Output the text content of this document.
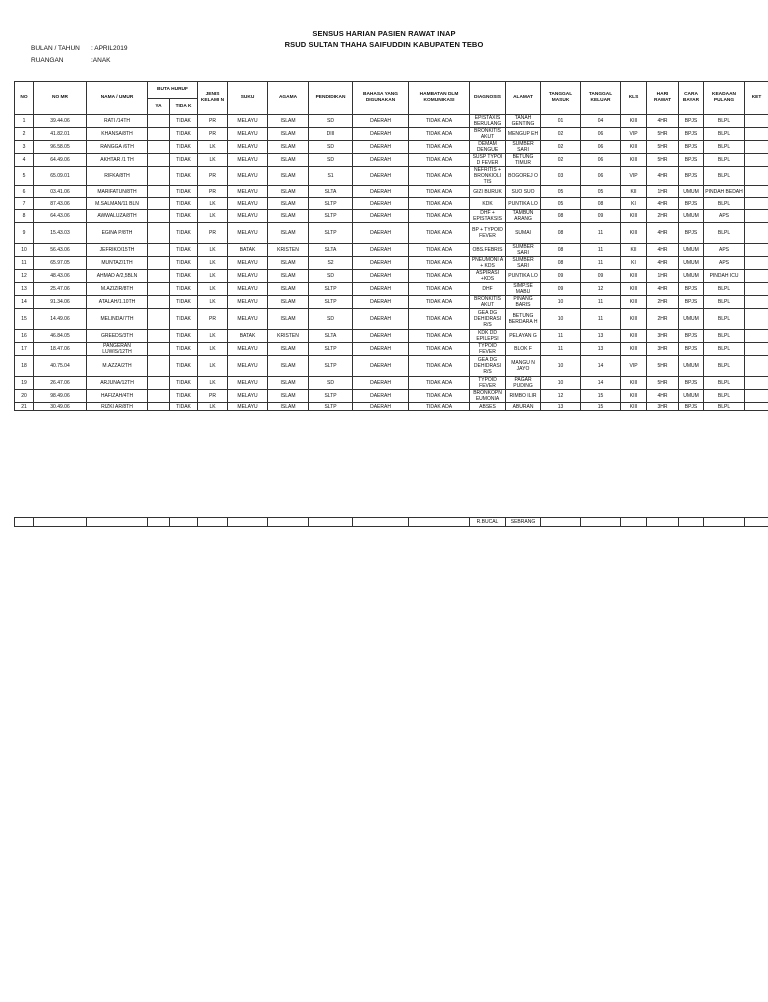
SENSUS HARIAN PASIEN RAWAT INAP
RSUD SULTAN THAHA SAIFUDDIN KABUPATEN TEBO
BULAN / TAHUN : APRIL2019
RUANGAN	:ANAK
NO	NO MR	NAMA / UMUR	BUTA HURUF		JENIS KELAMI N	SUKU	AGAMA	PENDIDIKAN	BAHASA YANG DIGUNAKAN	HAMBATAN DLM KOMUNIKASI	DIAGNOSIS	ALAMAT	TANGGAL MASUK	TANGGAL KELUAR	KLS	HARI RAWAT	CARA BAYAR	KEADAAN PULANG	KET
			YA	TIDA K															
1	39.44.06	RATI /14TH		TIDAK	PR	MELAYU	ISLAM	SD	DAERAH	TIDAK ADA	EPISTAXIS BERULANG	TANAH GENTING	01	04	KIII	4HR	BPJS	BLPL	
2	41.82.01	KHANSA/8TH		TIDAK	PR	MELAYU	ISLAM	DIII	DAERAH	TIDAK ADA	BRONKITIS AKUT	MENGUP EH	02	06	VIP	5HR	BPJS	BLPL	
3	96.58.05	RANGGA /6TH		TIDAK	LK	MELAYU	ISLAM	SD	DAERAH	TIDAK ADA	DEMAM DENGUE	SUMBER SARI	02	06	KIII	5HR	BPJS	BLPL	
4	64.49.06	AKHTAR /1 TH		TIDAK	LK	MELAYU	ISLAM	SD	DAERAH	TIDAK ADA	SUSP TYPOI D FEVER	BETUNG TIMUR	02	06	KIII	5HR	BPJS	BLPL	
5	65.09.01	RIFKA/8TH		TIDAK	PR	MELAYU	ISLAM	S1	DAERAH	TIDAK ADA	NEFRITIS + BRONKIOLI TIS	BOGOREJ O	03	06	VIP	4HR	BPJS	BLPL	
6	03.41.06	MARIFATUN/8TH		TIDAK	PR	MELAYU	ISLAM	SLTA	DAERAH	TIDAK ADA	GIZI BURUK	SUO SUO	05	05	KII	1HR	UMUM	PINDAH BEDAH	
7	87.43.06	M.SALMAN/11 BLN		TIDAK	LK	MELAYU	ISLAM	SLTP	DAERAH	TIDAK ADA	KDK	PUNTIKA LO	05	08	KI	4HR	BPJS	BLPL	
8	64.43.06	AWWALUZA/8TH		TIDAK	LK	MELAYU	ISLAM	SLTP	DAERAH	TIDAK ADA	DHF + EPISTAKSIS	TAMBUN ARANG	08	09	KIII	2HR	UMUM	APS	
9	15.43.03	EGINA P/8TH		TIDAK	PR	MELAYU	ISLAM	SLTP	DAERAH	TIDAK ADA	BP + TYPOID FEVER	SUMAI	08	11	KIII	4HR	BPJS	BLPL	
10	56.43.06	JEFRIKO/15TH		TIDAK	LK	BATAK	KRISTEN	SLTA	DAERAH	TIDAK ADA	OBS.FEBRIS	SUMBER SARI	08	11	KII	4HR	UMUM	APS	
11	65.97.05	MUNTAZ/1TH		TIDAK	LK	MELAYU	ISLAM	S2	DAERAH	TIDAK ADA	PNEUMONI A + KDS	SUMBER SARI	08	11	KI	4HR	UMUM	APS	
12	48.43.06	AHMAD A/2,5BLN		TIDAK	LK	MELAYU	ISLAM	SD	DAERAH	TIDAK ADA	ASPIRASI +KDS	PUNTIKA LO	09	09	KIII	1HR	UMUM	PINDAH ICU	
13	25.47.06	M.AZIZIR/8TH		TIDAK	LK	MELAYU	ISLAM	SLTP	DAERAH	TIDAK ADA	DHF	SIMP.SE MABU	09	12	KIII	4HR	BPJS	BLPL	
14	91.34.06	ATALAH/1.10TH		TIDAK	LK	MELAYU	ISLAM	SLTP	DAERAH	TIDAK ADA	BRONKITIS AKUT	PINANG BARIS	10	11	KIII	2HR	BPJS	BLPL	
15	14.49.06	MELINDA/7TH		TIDAK	PR	MELAYU	ISLAM	SD	DAERAH	TIDAK ADA	GEA DG DEHIDRASI R/S	BETUNG BERDARA H	10	11	KIII	2HR	UMUM	BLPL	
16	46.84.05	GREEDS/3TH		TIDAK	LK	BATAK	KRISTEN	SLTA	DAERAH	TIDAK ADA	KDK DD EPILEPSI	PELAYAN G	11	13	KIII	3HR	BPJS	BLPL	
17	18.47.06	PANGERAN LUWIS/12TH		TIDAK	LK	MELAYU	ISLAM	SLTP	DAERAH	TIDAK ADA	TYPOID FEVER	BLOK F	11	13	KIII	3HR	BPJS	BLPL	
18	40.75.04	M.AZZA/2TH		TIDAK	LK	MELAYU	ISLAM	SLTP	DAERAH	TIDAK ADA	GEA DG DEHIDRASI R/S	MANGU N JAYO	10	14	VIP	5HR	UMUM	BLPL	
19	26.47.06	ARJUNA/12TH		TIDAK	LK	MELAYU	ISLAM	SD	DAERAH	TIDAK ADA	TYPOID FEVER	PAGAR PUDING	10	14	KIII	5HR	BPJS	BLPL	
20	98.49.06	HAFIZAH/4TH		TIDAK	PR	MELAYU	ISLAM	SLTP	DAERAH	TIDAK ADA	BRONKOPN EUMONIA	RIMBO ILIR	12	15	KIII	4HR	UMUM	BLPL	
21	30.49.06	RIZKI AR/8TH		TIDAK	LK	MELAYU	ISLAM	SLTP	DAERAH	TIDAK ADA	ABSES	ABURAN	13	15	KIII	3HR	BPJS	BLPL	
											R.BUCAL	SEBRANG							
